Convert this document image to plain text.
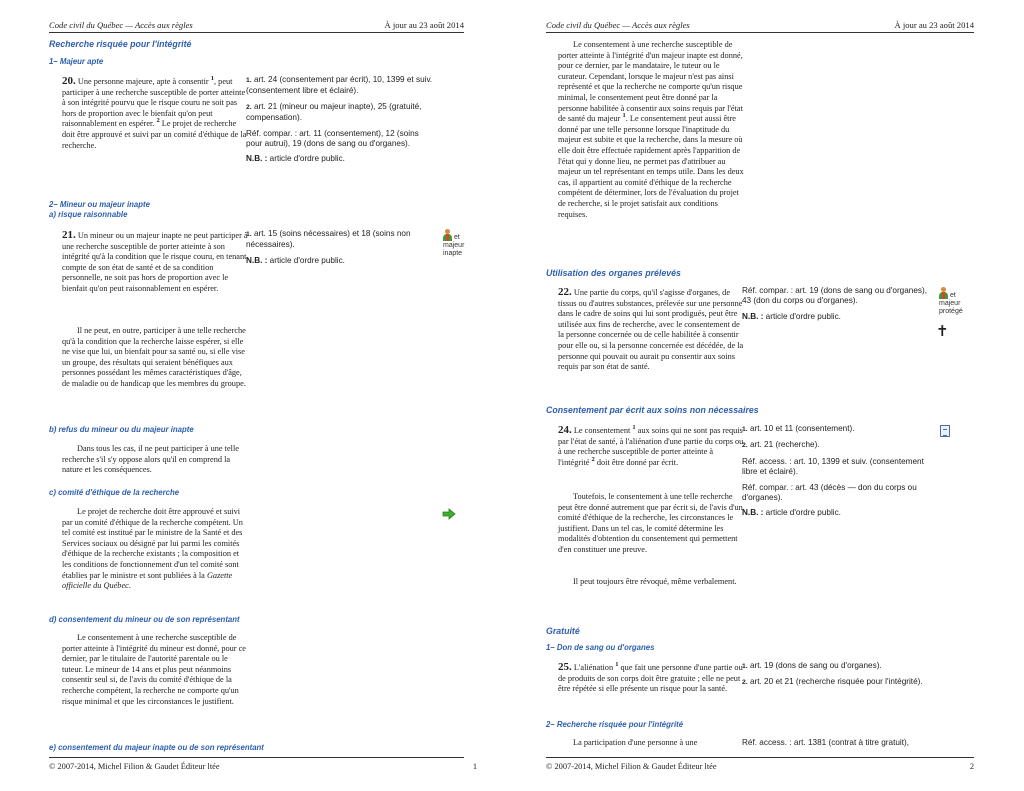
Code civil du Québec — Accès aux règles	À jour au 23 août 2014
Recherche risquée pour l'intégrité
1– Majeur apte
20. Une personne majeure, apte à consentir $^1$, peut participer à une recherche susceptible de porter atteinte à son intégrité pourvu que le risque couru ne soit pas hors de proportion avec le bienfait qu'on peut raisonnablement en espérer. $^2$ Le projet de recherche doit être approuvé et suivi par un comité d'éthique de la recherche.
1. art. 24 (consentement par écrit), 10, 1399 et suiv. (consentement libre et éclairé).
2. art. 21 (mineur ou majeur inapte), 25 (gratuité, compensation).
Réf. compar. : art. 11 (consentement), 12 (soins pour autrui), 19 (dons de sang ou d'organes).
N.B. : article d'ordre public.
2– Mineur ou majeur inapte
a) risque raisonnable
21. Un mineur ou un majeur inapte ne peut participer à une recherche susceptible de porter atteinte à son intégrité qu'à la condition que le risque couru, en tenant compte de son état de santé et de sa condition personnelle, ne soit pas hors de proportion avec le bienfait qu'on peut raisonnablement en espérer.
1. art. 15 (soins nécessaires) et 18 (soins non nécessaires).
N.B. : article d'ordre public.
et
majeur
inapte

Il ne peut, en outre, participer à une telle recherche qu'à la condition que la recherche laisse espérer, si elle ne vise que lui, un bienfait pour sa santé ou, si elle vise un groupe, des résultats qui seraient bénéfiques aux personnes possédant les mêmes caractéristiques d'âge, de maladie ou de handicap que les membres du groupe.

b) refus du mineur ou du majeur inapte

Dans tous les cas, il ne peut participer à une telle recherche s'il s'y oppose alors qu'il en comprend la nature et les conséquences.

c) comité d'éthique de la recherche

Le projet de recherche doit être approuvé et suivi par un comité d'éthique de la recherche compétent. Un tel comité est institué par le ministre de la Santé et des Services sociaux ou désigné par lui parmi les comités d'éthique de la recherche existants ; la composition et les conditions de fonctionnement d'un tel comité sont établies par le ministre et sont publiées à la Gazette officielle du Québec.

d) consentement du mineur ou de son représentant

Le consentement à une recherche susceptible de porter atteinte à l'intégrité du mineur est donné, pour ce dernier, par le titulaire de l'autorité parentale ou le tuteur. Le mineur de 14 ans et plus peut néanmoins consentir seul si, de l'avis du comité d'éthique de la recherche compétent, la recherche ne comporte qu'un risque minimal et que les circonstances le justifient.

e) consentement du majeur inapte ou de son représentant
© 2007-2014, Michel Filion & Gaudet Éditeur ltée	1
Code civil du Québec — Accès aux règles	À jour au 23 août 2014

Le consentement à une recherche susceptible de porter atteinte à l'intégrité d'un majeur inapte est donné, pour ce dernier, par le mandataire, le tuteur ou le curateur. Cependant, lorsque le majeur n'est pas ainsi représenté et que la recherche ne comporte qu'un risque minimal, le consentement peut être donné par la personne habilitée à consentir aux soins requis par l'état de santé du majeur $^1$. Le consentement peut aussi être donné par une telle personne lorsque l'inaptitude du majeur est subite et que la recherche, dans la mesure où elle doit être effectuée rapidement après l'apparition de l'état qui y donne lieu, ne permet pas d'attribuer au majeur un tel représentant en temps utile. Dans les deux cas, il appartient au comité d'éthique de la recherche compétent de déterminer, lors de l'évaluation du projet de recherche, si le projet satisfait aux conditions requises.

Utilisation des organes prélevés
22. Une partie du corps, qu'il s'agisse d'organes, de tissus ou d'autres substances, prélevée sur une personne dans le cadre de soins qui lui sont prodigués, peut être utilisée aux fins de recherche, avec le consentement de la personne concernée ou de celle habilitée à consentir pour elle ou, si la personne concernée est décédée, de la personne qui pouvait ou aurait pu consentir aux soins requis par son état de santé.
Réf. compar. : art. 19 (dons de sang ou d'organes), 43 (don du corps ou d'organes).
N.B. : article d'ordre public.
et
majeur
protégé
✝
Consentement par écrit aux soins non nécessaires
24. Le consentement $^1$ aux soins qui ne sont pas requis par l'état de santé, à l'aliénation d'une partie du corps ou à une recherche susceptible de porter atteinte à l'intégrité $^2$ doit être donné par écrit.

Toutefois, le consentement à une telle recherche peut être donné autrement que par écrit si, de l'avis d'un comité d'éthique de la recherche, les circonstances le justifient. Dans un tel cas, le comité détermine les modalités d'obtention du consentement qui permettent d'en constituer une preuve.

Il peut toujours être révoqué, même verbalement.

1. art. 10 et 11 (consentement).
2. art. 21 (recherche).
Réf. access. : art. 10, 1399 et suiv. (consentement libre et éclairé).
Réf. compar. : art. 43 (décès — don du corps ou d'organes).
N.B. : article d'ordre public.
Gratuité
1– Don de sang ou d'organes
25. L'aliénation $^1$ que fait une personne d'une partie ou de produits de son corps doit être gratuite ; elle ne peut être répétée si elle présente un risque pour la santé.
1. art. 19 (dons de sang ou d'organes).
2. art. 20 et 21 (recherche risquée pour l'intégrité).
2– Recherche risquée pour l'intégrité

La participation d'une personne à une	Réf. access. : art. 1381 (contrat à titre gratuit),
© 2007-2014, Michel Filion & Gaudet Éditeur ltée	2
